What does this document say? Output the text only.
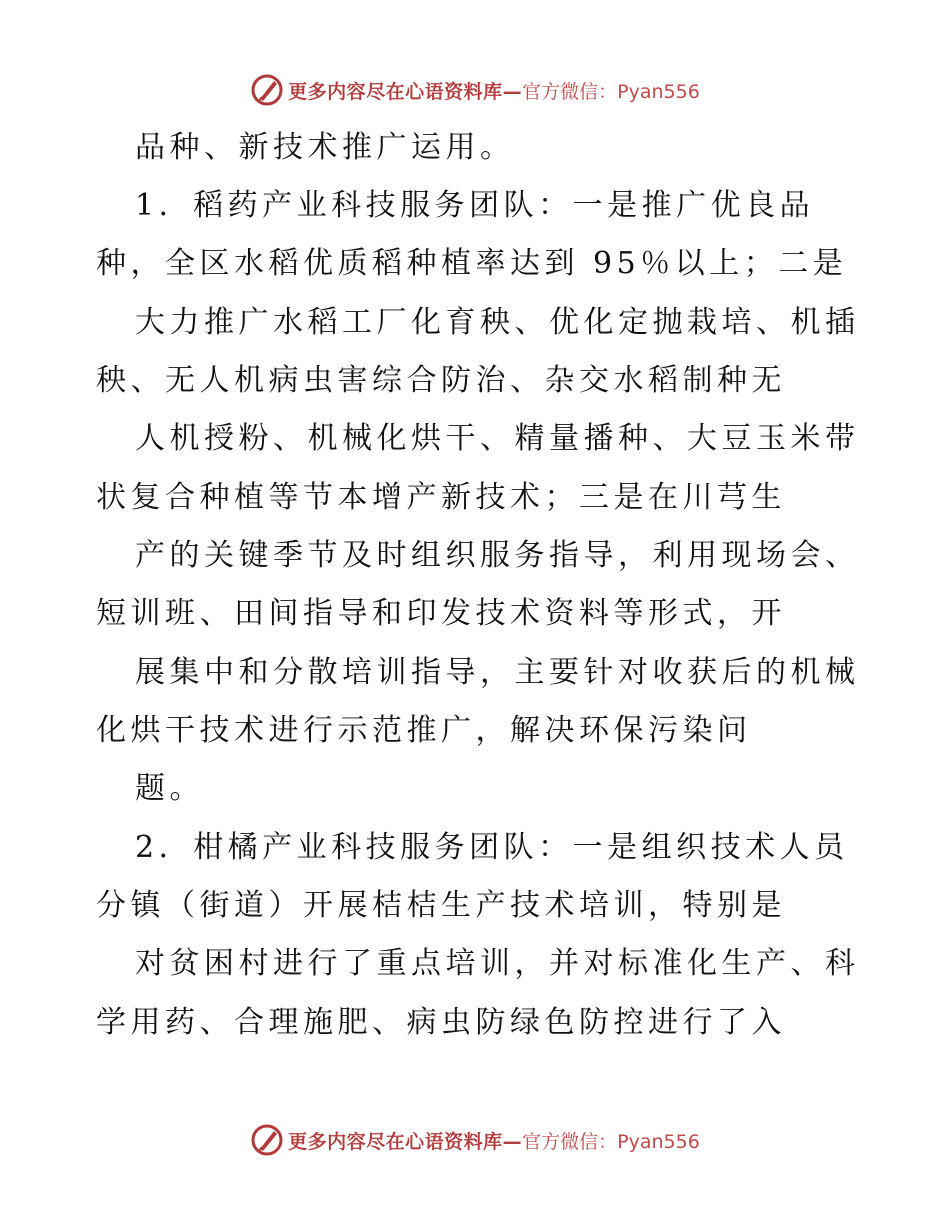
更多内容尽在心语资料库— 官方微信：Pyan556
品种、新技术推广运用。
1．稻药产业科技服务团队：一是推广优良品
种，全区水稻优质稻种植率达到 95％以上；二是
大力推广水稻工厂化育秧、优化定抛栽培、机插
秧、无人机病虫害综合防治、杂交水稻制种无
人机授粉、机械化烘干、精量播种、大豆玉米带
状复合种植等节本增产新技术；三是在川芎生
产的关键季节及时组织服务指导，利用现场会、
短训班、田间指导和印发技术资料等形式，开
展集中和分散培训指导，主要针对收获后的机械
化烘干技术进行示范推广，解决环保污染问
题。
2．柑橘产业科技服务团队：一是组织技术人员
分镇（街道）开展桔桔生产技术培训，特别是
对贫困村进行了重点培训，并对标准化生产、科
学用药、合理施肥、病虫防绿色防控进行了入
更多内容尽在心语资料库— 官方微信：Pyan556
